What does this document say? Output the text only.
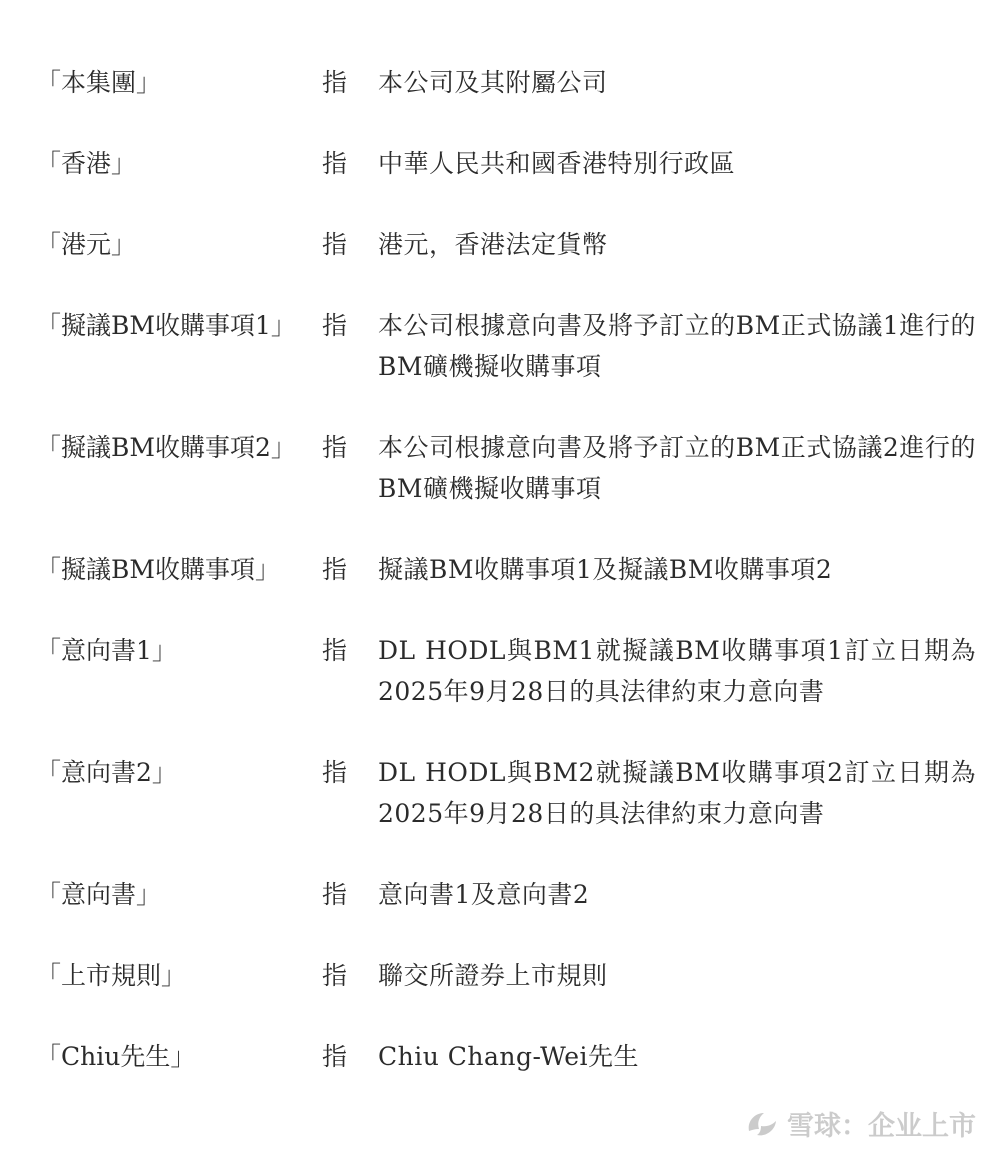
「本集團」	指	本公司及其附屬公司
「香港」	指	中華人民共和國香港特別行政區
「港元」	指	港元，香港法定貨幣
「擬議BM收購事項1」	指	本公司根據意向書及將予訂立的BM正式協議1進行的BM礦機擬收購事項
「擬議BM收購事項2」	指	本公司根據意向書及將予訂立的BM正式協議2進行的BM礦機擬收購事項
「擬議BM收購事項」	指	擬議BM收購事項1及擬議BM收購事項2
「意向書1」	指	DL HODL與BM1就擬議BM收購事項1訂立日期為2025年9月28日的具法律約束力意向書
「意向書2」	指	DL HODL與BM2就擬議BM收購事項2訂立日期為2025年9月28日的具法律約束力意向書
「意向書」	指	意向書1及意向書2
「上市規則」	指	聯交所證券上市規則
「Chiu先生」	指	Chiu Chang-Wei先生
雪球：企业上市
